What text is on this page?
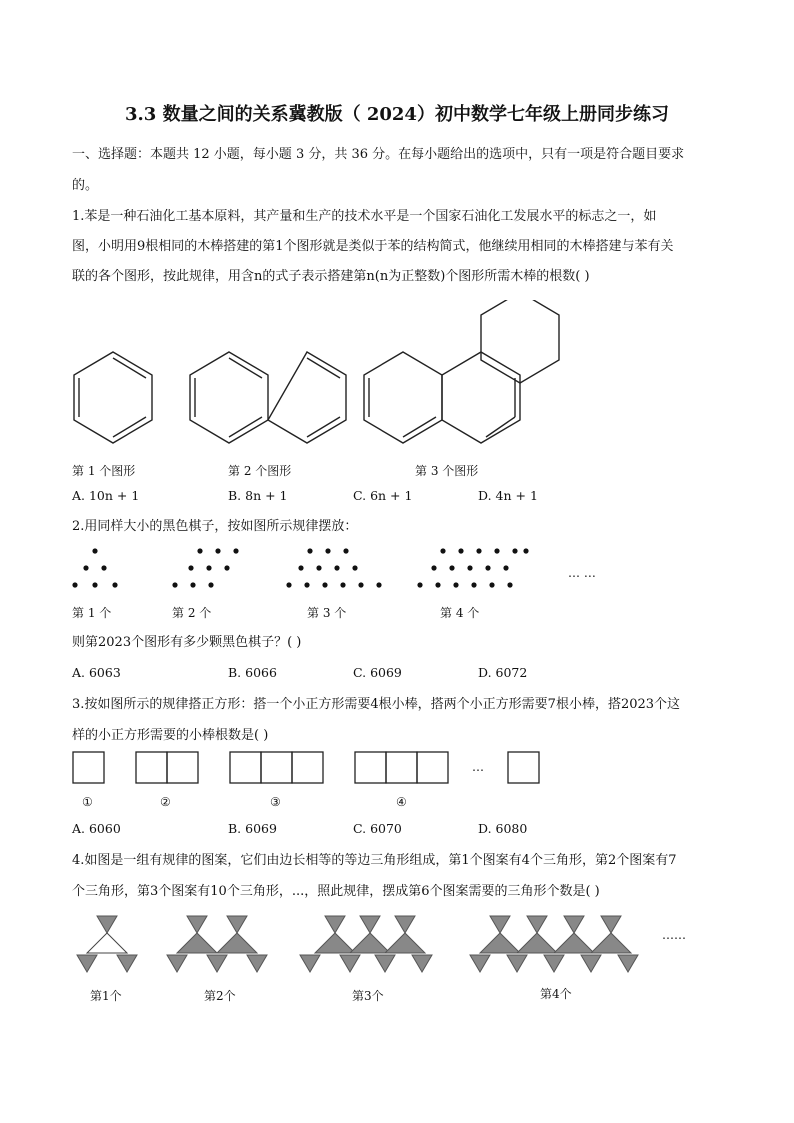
3.3 数量之间的关系冀教版（ 2024）初中数学七年级上册同步练习
一、选择题：本题共 12 小题，每小题 3 分，共 36 分。在每小题给出的选项中，只有一项是符合题目要求
的。
1.苯是一种石油化工基本原料，其产量和生产的技术水平是一个国家石油化工发展水平的标志之一，如
图，小明用9根相同的木棒搭建的第1个图形就是类似于苯的结构简式，他继续用相同的木棒搭建与苯有关
联的各个图形，按此规律，用含n的式子表示搭建第n(n为正整数)个图形所需木棒的根数( )
第 1 个图形	第 2 个图形	第 3 个图形
A. 10n + 1	B. 8n + 1	C. 6n + 1	D. 4n + 1
2.用同样大小的黑色棋子，按如图所示规律摆放：
… …
第 1 个	第 2 个	第 3 个	第 4 个
则第2023个图形有多少颗黑色棋子？( )
A. 6063	B. 6066	C. 6069	D. 6072
3.按如图所示的规律搭正方形：搭一个小正方形需要4根小棒，搭两个小正方形需要7根小棒，搭2023个这
样的小正方形需要的小棒根数是( )
…
①	②	③	④
A. 6060	B. 6069	C. 6070	D. 6080
4.如图是一组有规律的图案，它们由边长相等的等边三角形组成，第1个图案有4个三角形，第2个图案有7
个三角形，第3个图案有10个三角形，...，照此规律，摆成第6个图案需要的三角形个数是( )
……
第1个	第2个	第3个	第4个
